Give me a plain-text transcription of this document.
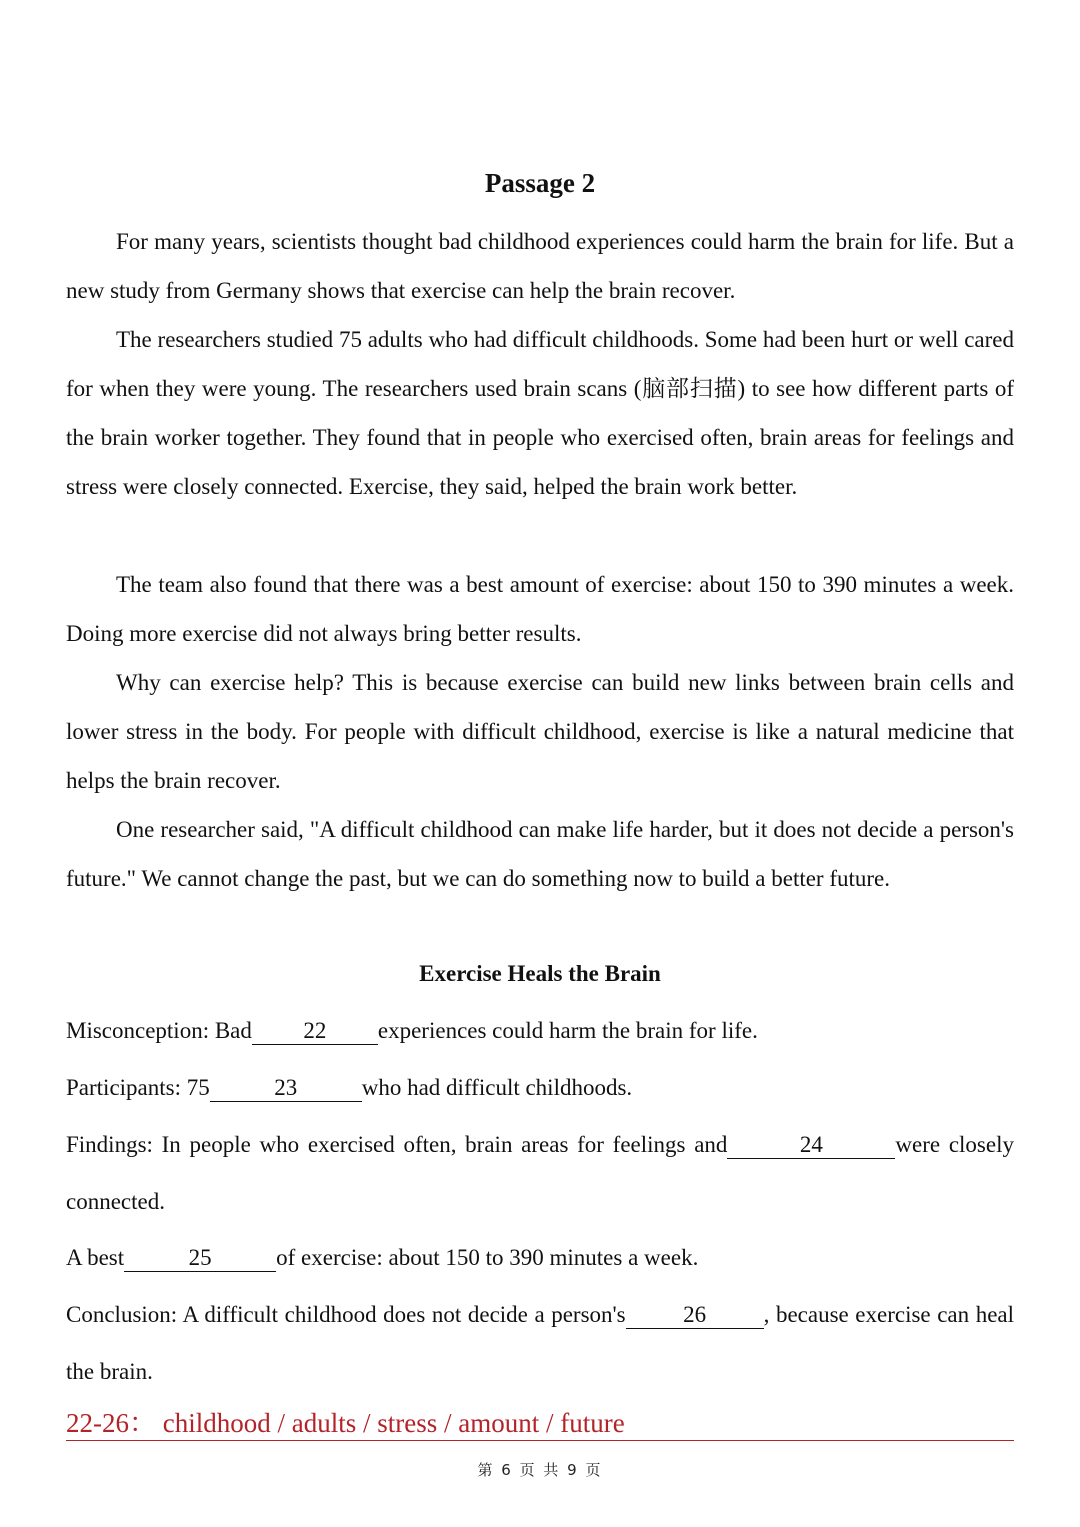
Passage 2

For many years, scientists thought bad childhood experiences could harm the brain for life. But a new study from Germany shows that exercise can help the brain recover.

The researchers studied 75 adults who had difficult childhoods. Some had been hurt or well cared for when they were young. The researchers used brain scans (脑部扫描) to see how different parts of the brain worker together. They found that in people who exercised often, brain areas for feelings and stress were closely connected. Exercise, they said, helped the brain work better.

The team also found that there was a best amount of exercise: about 150 to 390 minutes a week. Doing more exercise did not always bring better results.

Why can exercise help? This is because exercise can build new links between brain cells and lower stress in the body. For people with difficult childhood, exercise is like a natural medicine that helps the brain recover.

One researcher said, "A difficult childhood can make life harder, but it does not decide a person's future." We cannot change the past, but we can do something now to build a better future.

Exercise Heals the Brain

Misconception: Bad 22 experiences could harm the brain for life.

Participants: 75	23	who had difficult childhoods.

Findings: In people who exercised often, brain areas for feelings and	24	were closely connected.

A best	25	of exercise: about 150 to 390 minutes a week.

Conclusion: A difficult childhood does not decide a person's	26	, because exercise can heal the brain.

22-26： childhood / adults / stress / amount / future
第 6 页 共 9 页
